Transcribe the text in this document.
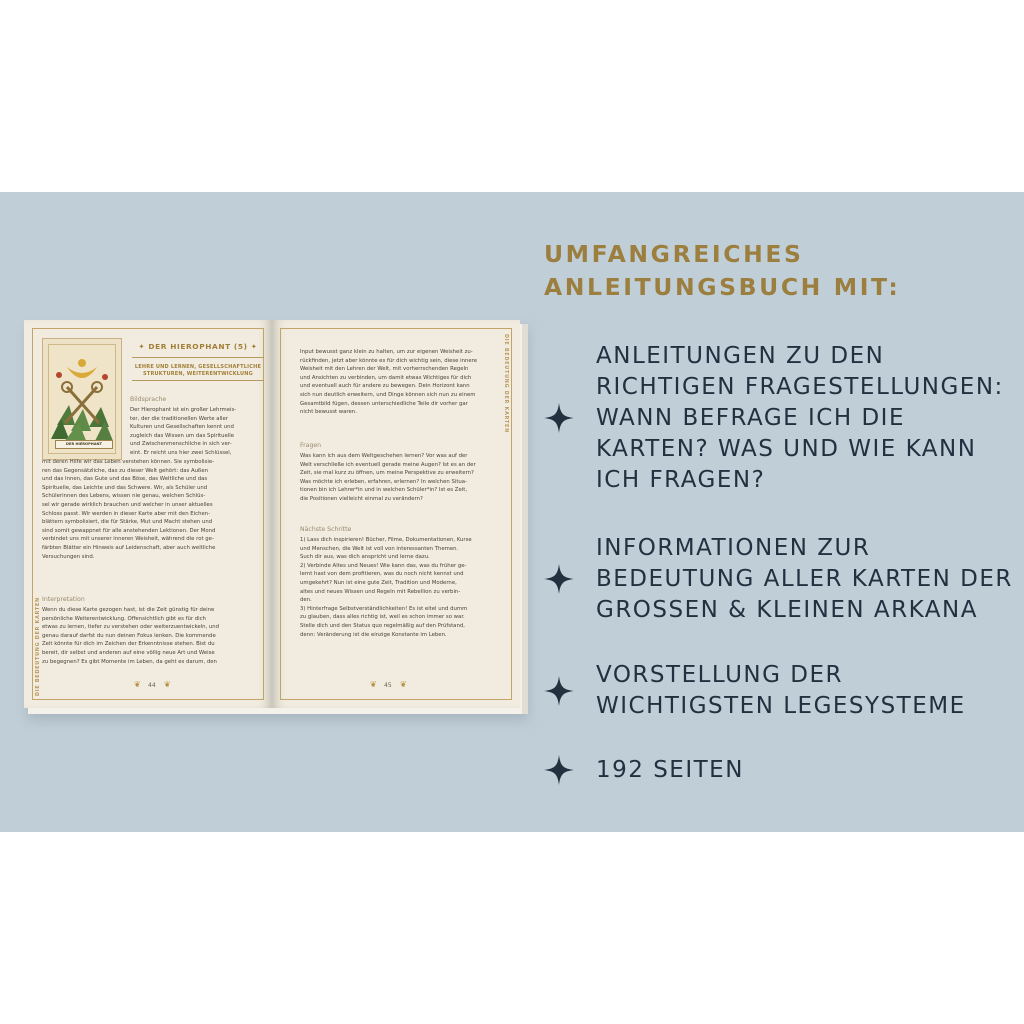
DIE BEDEUTUNG DER KARTEN
DER HIEROPHANT
✦ DER HIEROPHANT (5) ✦
LEHRE UND LERNEN, GESELLSCHAFTLICHE STRUKTUREN, WEITERENTWICKLUNG

Bildsprache

Der Hierophant ist ein großer Lehrmeis-
ter, der die traditionellen Werte aller
Kulturen und Gesellschaften kennt und
zugleich das Wissen um das Spirituelle
und Zwischenmenschliche in sich ver-
eint. Er reicht uns hier zwei Schlüssel,

mit deren Hilfe wir das Leben verstehen können. Sie symbolisie-
ren das Gegensätzliche, das zu dieser Welt gehört: das Außen
und das Innen, das Gute und das Böse, das Weltliche und das
Spirituelle, das Leichte und das Schwere. Wir, als Schüler und
Schülerinnen des Lebens, wissen nie genau, welchen Schlüs-
sel wir gerade wirklich brauchen und welcher in unser aktuelles
Schloss passt. Wir werden in dieser Karte aber mit den Eichen-
blättern symbolisiert, die für Stärke, Mut und Macht stehen und
sind somit gewappnet für alle anstehenden Lektionen. Der Mond
verbindet uns mit unserer inneren Weisheit, während die rot ge-
färbten Blätter ein Hinweis auf Leidenschaft, aber auch weltliche
Versuchungen sind.

Interpretation

Wenn du diese Karte gezogen hast, ist die Zeit günstig für deine
persönliche Weiterentwicklung. Offensichtlich gibt es für dich
etwas zu lernen, tiefer zu verstehen oder weiterzuentwickeln, und
genau darauf darfst du nun deinen Fokus lenken. Die kommende
Zeit könnte für dich im Zeichen der Erkenntnisse stehen. Bist du
bereit, dir selbst und anderen auf eine völlig neue Art und Weise
zu begegnen? Es gibt Momente im Leben, da geht es darum, den

❦ 44 ❦
DIE BEDEUTUNG DER KARTEN

Input bewusst ganz klein zu halten, um zur eigenen Weisheit zu-
rückfinden, jetzt aber könnte es für dich wichtig sein, diese innere
Weisheit mit den Lehren der Welt, mit vorherrschenden Regeln
und Ansichten zu verbinden, um damit etwas Wichtiges für dich
und eventuell auch für andere zu bewegen. Dein Horizont kann
sich nun deutlich erweitern, und Dinge können sich nun zu einem
Gesamtbild fügen, dessen unterschiedliche Teile dir vorher gar
nicht bewusst waren.

Fragen

Was kann ich aus dem Weltgeschehen lernen? Vor was auf der
Welt verschließe ich eventuell gerade meine Augen? Ist es an der
Zeit, sie mal kurz zu öffnen, um meine Perspektive zu erweitern?
Was möchte ich erleben, erfahren, erlernen? In welchen Situa-
tionen bin ich Lehrer*in und in welchen Schüler*in? Ist es Zeit,
die Positionen vielleicht einmal zu verändern?

Nächste Schritte

1) Lass dich inspirieren! Bücher, Filme, Dokumentationen, Kurse
und Menschen, die Welt ist voll von interessanten Themen.
Such dir aus, was dich anspricht und lerne dazu.
2) Verbinde Altes und Neues! Wie kann das, was du früher ge-
lernt hast von dem profitieren, was du noch nicht kennst und
umgekehrt? Nun ist eine gute Zeit, Tradition und Moderne,
altes und neues Wissen und Regeln mit Rebellion zu verbin-
den.
3) Hinterfrage Selbstverständlichkeiten! Es ist eitel und dumm
zu glauben, dass alles richtig ist, weil es schon immer so war.
Stelle dich und den Status quo regelmäßig auf den Prüfstand,
denn: Veränderung ist die einzige Konstante im Leben.

❦ 45 ❦
UMFANGREICHES
ANLEITUNGSBUCH MIT:

ANLEITUNGEN ZU DEN
RICHTIGEN FRAGESTELLUNGEN:
WANN BEFRAGE ICH DIE
KARTEN? WAS UND WIE KANN
ICH FRAGEN?

INFORMATIONEN ZUR
BEDEUTUNG ALLER KARTEN DER
GROSSEN & KLEINEN ARKANA

VORSTELLUNG DER
WICHTIGSTEN LEGESYSTEME

192 SEITEN
